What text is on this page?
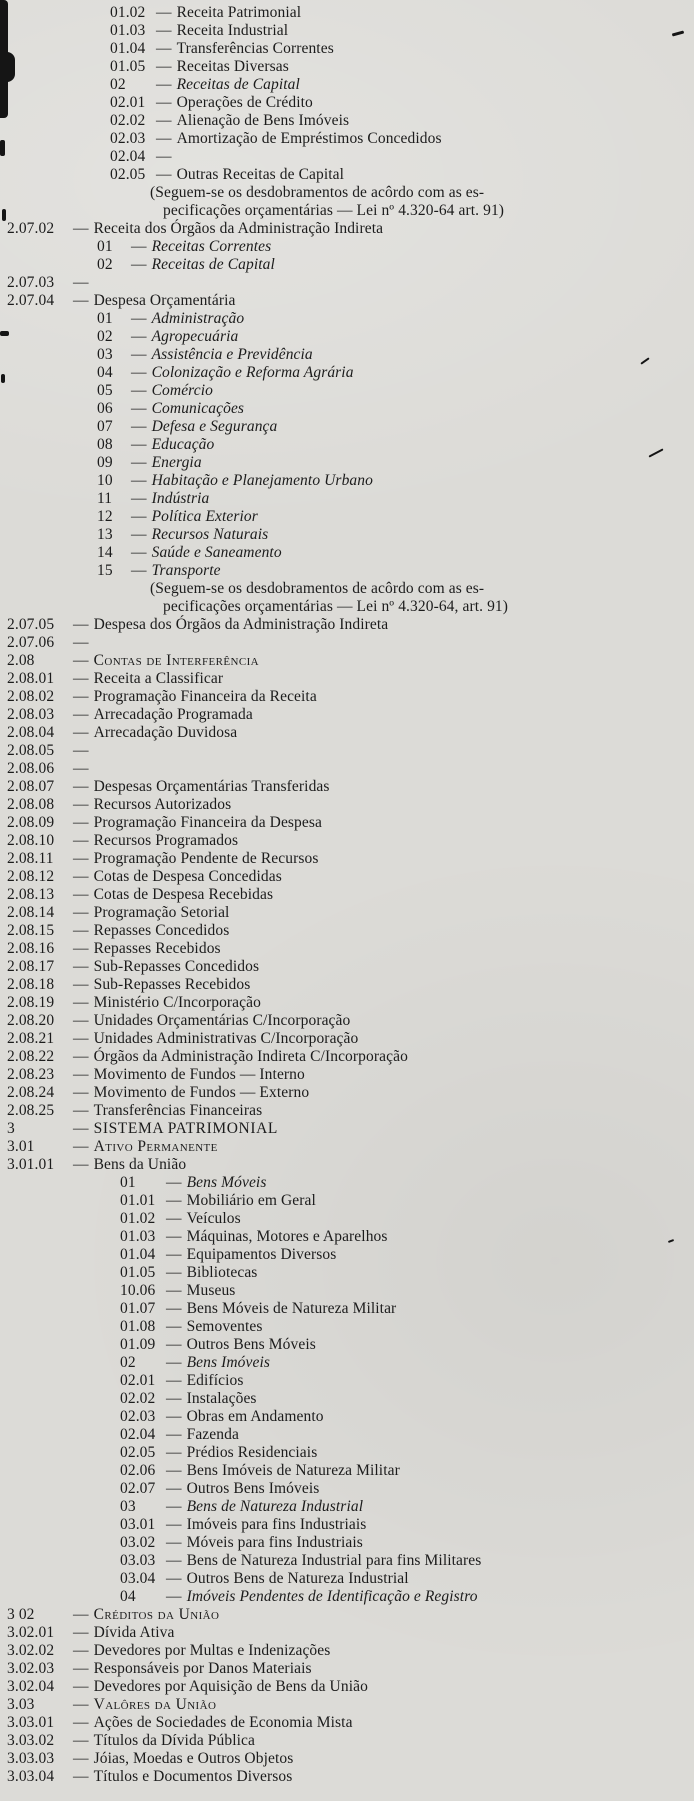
01.02 — Receita Patrimonial
01.03 — Receita Industrial
01.04 — Transferências Correntes
01.05 — Receitas Diversas
02	— Receitas de Capital
02.01 — Operações de Crédito
02.02 — Alienação de Bens Imóveis
02.03 — Amortização de Empréstimos Concedidos
02.04 —
02.05 — Outras Receitas de Capital
(Seguem-se os desdobramentos de acôrdo com as es-
pecificações orçamentárias — Lei nº 4.320-64 art. 91)
2.07.02	— Receita dos Órgãos da Administração Indireta
01	— Receitas Correntes
02	— Receitas de Capital
2.07.03	—
2.07.04	— Despesa Orçamentária
01	— Administração
02	— Agropecuária
03	— Assistência e Previdência
04	— Colonização e Reforma Agrária
05	— Comércio
06	— Comunicações
07	— Defesa e Segurança
08	— Educação
09	— Energia
10	— Habitação e Planejamento Urbano
11	— Indústria
12	— Política Exterior
13	— Recursos Naturais
14	— Saúde e Saneamento
15	— Transporte
(Seguem-se os desdobramentos de acôrdo com as es-
pecificações orçamentárias — Lei nº 4.320-64, art. 91)
2.07.05	— Despesa dos Órgãos da Administração Indireta
2.07.06	—
2.08	— Contas de Interferência
2.08.01	— Receita a Classificar
2.08.02	— Programação Financeira da Receita
2.08.03	— Arrecadação Programada
2.08.04	— Arrecadação Duvidosa
2.08.05	—
2.08.06	—
2.08.07	— Despesas Orçamentárias Transferidas
2.08.08	— Recursos Autorizados
2.08.09	— Programação Financeira da Despesa
2.08.10	— Recursos Programados
2.08.11	— Programação Pendente de Recursos
2.08.12	— Cotas de Despesa Concedidas
2.08.13	— Cotas de Despesa Recebidas
2.08.14	— Programação Setorial
2.08.15	— Repasses Concedidos
2.08.16	— Repasses Recebidos
2.08.17	— Sub-Repasses Concedidos
2.08.18	— Sub-Repasses Recebidos
2.08.19	— Ministério C/Incorporação
2.08.20	— Unidades Orçamentárias C/Incorporação
2.08.21	— Unidades Administrativas C/Incorporação
2.08.22	— Órgãos da Administração Indireta C/Incorporação
2.08.23	— Movimento de Fundos — Interno
2.08.24	— Movimento de Fundos — Externo
2.08.25	— Transferências Financeiras
3	— SISTEMA PATRIMONIAL
3.01	— Ativo Permanente
3.01.01	— Bens da União
01	— Bens Móveis
01.01 — Mobiliário em Geral
01.02 — Veículos
01.03 — Máquinas, Motores e Aparelhos
01.04 — Equipamentos Diversos
01.05 — Bibliotecas
10.06 — Museus
01.07 — Bens Móveis de Natureza Militar
01.08 — Semoventes
01.09 — Outros Bens Móveis
02	— Bens Imóveis
02.01 — Edifícios
02.02 — Instalações
02.03 — Obras em Andamento
02.04 — Fazenda
02.05 — Prédios Residenciais
02.06 — Bens Imóveis de Natureza Militar
02.07 — Outros Bens Imóveis
03	— Bens de Natureza Industrial
03.01 — Imóveis para fins Industriais
03.02 — Móveis para fins Industriais
03.03 — Bens de Natureza Industrial para fins Militares
03.04 — Outros Bens de Natureza Industrial
04	— Imóveis Pendentes de Identificação e Registro
3 02	— Créditos da União
3.02.01	— Dívida Ativa
3.02.02	— Devedores por Multas e Indenizações
3.02.03	— Responsáveis por Danos Materiais
3.02.04	— Devedores por Aquisição de Bens da União
3.03	— Valôres da União
3.03.01	— Ações de Sociedades de Economia Mista
3.03.02	— Títulos da Dívida Pública
3.03.03	— Jóias, Moedas e Outros Objetos
3.03.04	— Títulos e Documentos Diversos
